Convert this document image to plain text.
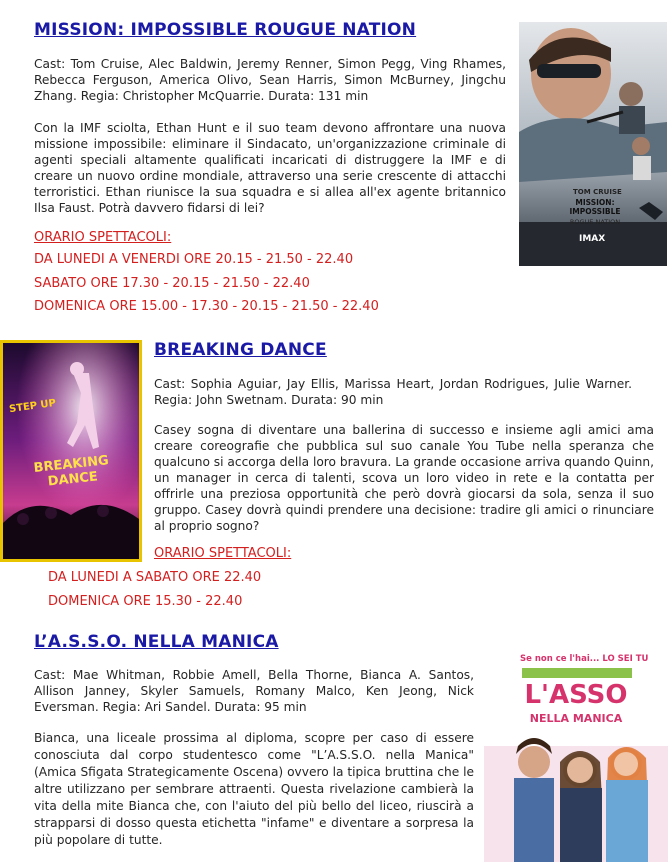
MISSION: IMPOSSIBLE ROUGUE NATION

Cast: Tom Cruise, Alec Baldwin, Jeremy Renner, Simon Pegg, Ving Rhames, Rebecca Ferguson, America Olivo, Sean Harris, Simon McBurney, Jingchu Zhang. Regia: Christopher McQuarrie. Durata: 131 min

Con la IMF sciolta, Ethan Hunt e il suo team devono affrontare una nuova missione impossibile: eliminare il Sindacato, un'organizzazione criminale di agenti speciali altamente qualificati incaricati di distruggere la IMF e di creare un nuovo ordine mondiale, attraverso una serie crescente di attacchi terroristici. Ethan riunisce la sua squadra e si allea all'ex agente britannico Ilsa Faust. Potrà davvero fidarsi di lei?

ORARIO SPETTACOLI:
DA LUNEDI A VENERDI ORE 20.15 - 21.50 - 22.40
SABATO ORE 17.30 - 20.15 - 21.50 - 22.40
DOMENICA ORE 15.00 - 17.30 - 20.15 - 21.50 - 22.40
TOM CRUISE
MISSION: IMPOSSIBLE
ROGUE NATION
IMAX
STEP UP
BREAKING DANCE
BREAKING DANCE

Cast: Sophia Aguiar, Jay Ellis, Marissa Heart, Jordan Rodrigues, Julie Warner. Regia: John Swetnam. Durata: 90 min

Casey sogna di diventare una ballerina di successo e insieme agli amici ama creare coreografie che pubblica sul suo canale You Tube nella speranza che qualcuno si accorga della loro bravura. La grande occasione arriva quando Quinn, un manager in cerca di talenti, scova un loro video in rete e la contatta per offrirle una preziosa opportunità che però dovrà giocarsi da sola, senza il suo gruppo. Casey dovrà quindi prendere una decisione: tradire gli amici o rinunciare al proprio sogno?

ORARIO SPETTACOLI:
DA LUNEDI A SABATO ORE 22.40
DOMENICA ORE 15.30 - 22.40
L’A.S.S.O. NELLA MANICA

Cast: Mae Whitman, Robbie Amell, Bella Thorne, Bianca A. Santos, Allison Janney, Skyler Samuels, Romany Malco, Ken Jeong, Nick Eversman. Regia: Ari Sandel. Durata: 95 min

Bianca, una liceale prossima al diploma, scopre per caso di essere conosciuta dal corpo studentesco come "L’A.S.S.O. nella Manica" (Amica Sfigata Strategicamente Oscena) ovvero la tipica bruttina che le altre utilizzano per sembrare attraenti. Questa rivelazione cambierà la vita della mite Bianca che, con l'aiuto del più bello del liceo, riuscirà a strapparsi di dosso questa etichetta "infame" e diventare a sorpresa la più popolare di tutte.

Se non ce l'hai... LO SEI TU
L'ASSO
NELLA MANICA
